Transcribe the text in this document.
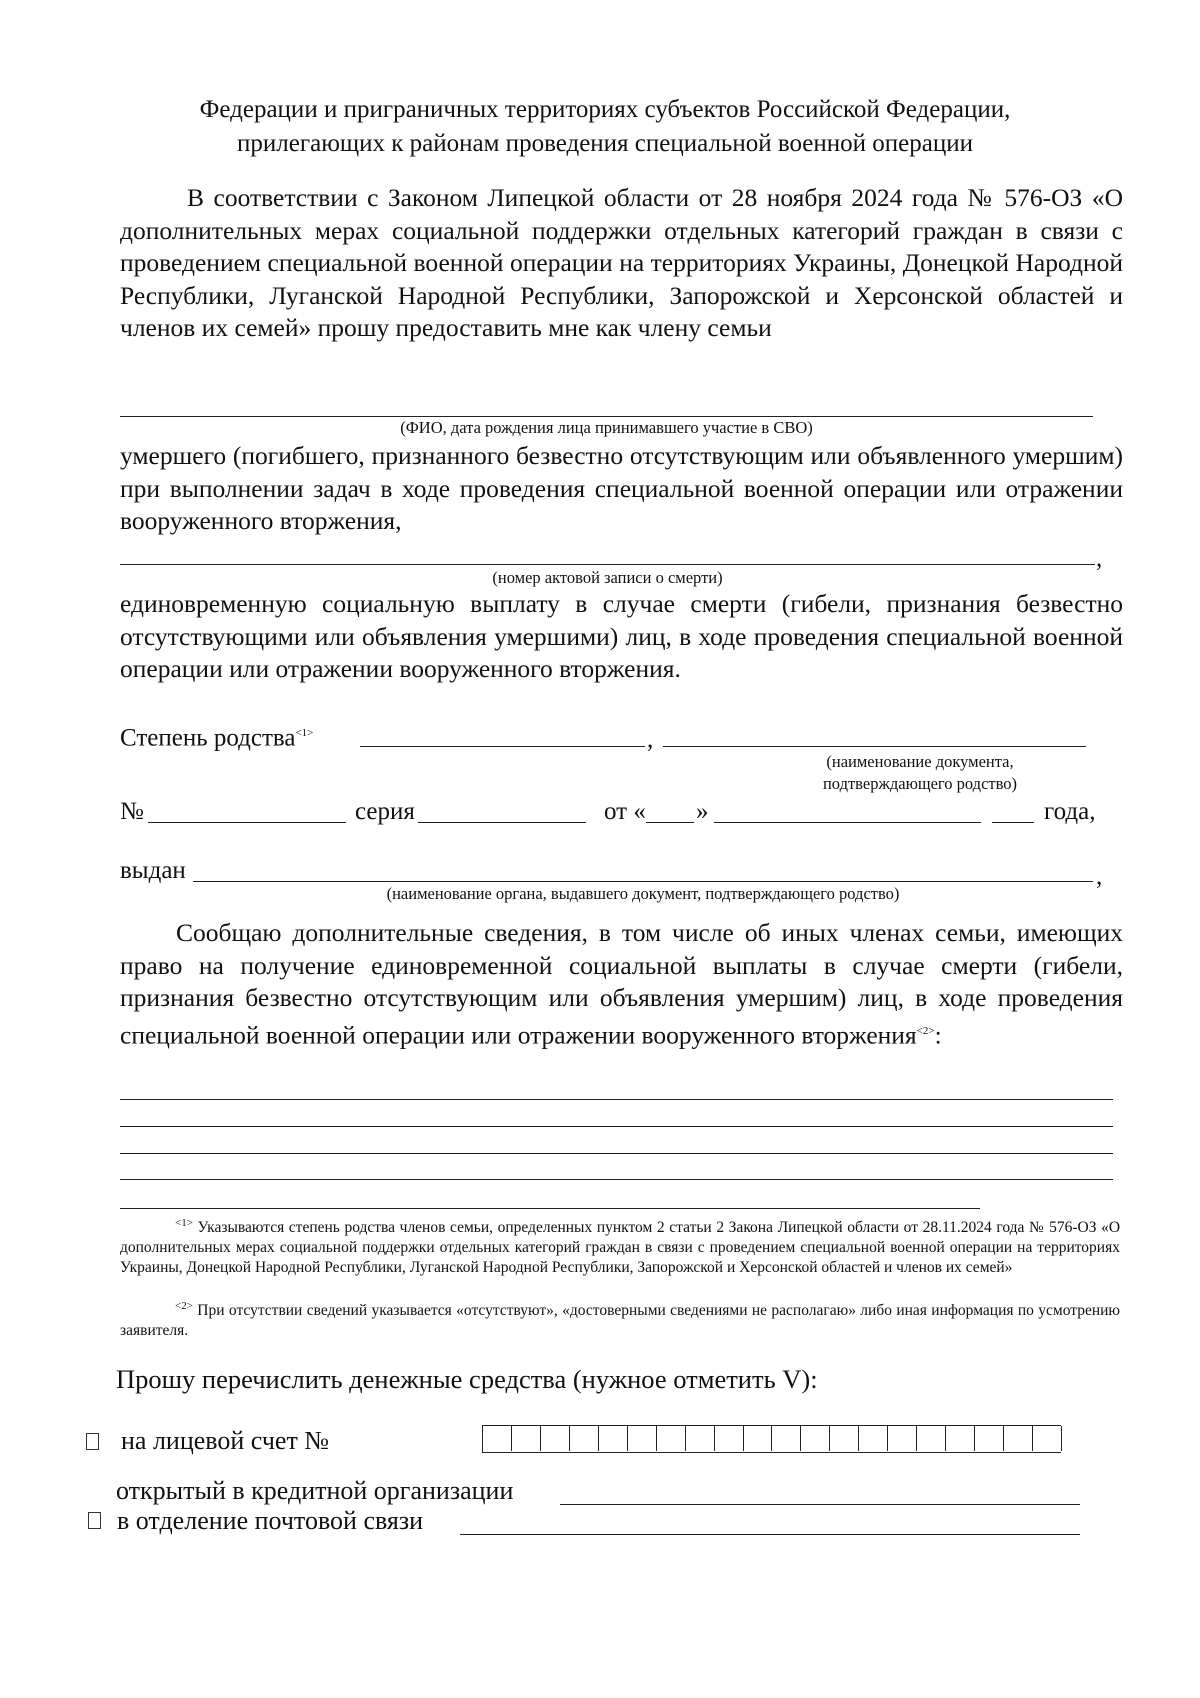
Федерации и приграничных территориях субъектов Российской Федерации,
прилегающих к районам проведения специальной военной операции
В соответствии с Законом Липецкой области от 28 ноября 2024 года № 576-ОЗ «О дополнительных мерах социальной поддержки отдельных категорий граждан в связи с проведением специальной военной операции на территориях Украины, Донецкой Народной Республики, Луганской Народной Республики, Запорожской и Херсонской областей и членов их семей» прошу предоставить мне как члену семьи
(ФИО, дата рождения лица принимавшего участие в СВО)
умершего (погибшего, признанного безвестно отсутствующим или объявленного умершим) при выполнении задач в ходе проведения специальной военной операции или отражении вооруженного вторжения,
,
(номер актовой записи о смерти)
единовременную социальную выплату в случае смерти (гибели, признания безвестно отсутствующими или объявления умершими) лиц, в ходе проведения специальной военной операции или отражении вооруженного вторжения.
Степень родства$^{<1>}$	,
(наименование документа,
подтверждающего родство)
№	серия	от « »	года,
выдан	,
(наименование органа, выдавшего документ, подтверждающего родство)
Сообщаю дополнительные сведения, в том числе об иных членах семьи, имеющих право на получение единовременной социальной выплаты в случае смерти (гибели, признания безвестно отсутствующим или объявления умершим) лиц, в ходе проведения специальной военной операции или отражении вооруженного вторжения$^{<2>}$:
$^{<1>}$ Указываются степень родства членов семьи, определенных пунктом 2 статьи 2 Закона Липецкой области от 28.11.2024 года № 576-ОЗ «О дополнительных мерах социальной поддержки отдельных категорий граждан в связи с проведением специальной военной операции на территориях Украины, Донецкой Народной Республики, Луганской Народной Республики, Запорожской и Херсонской областей и членов их семей»
$^{<2>}$ При отсутствии сведений указывается «отсутствуют», «достоверными сведениями не располагаю» либо иная информация по усмотрению заявителя.
Прошу перечислить денежные средства (нужное отметить V):
на лицевой счет №
открытый в кредитной организации
в отделение почтовой связи
